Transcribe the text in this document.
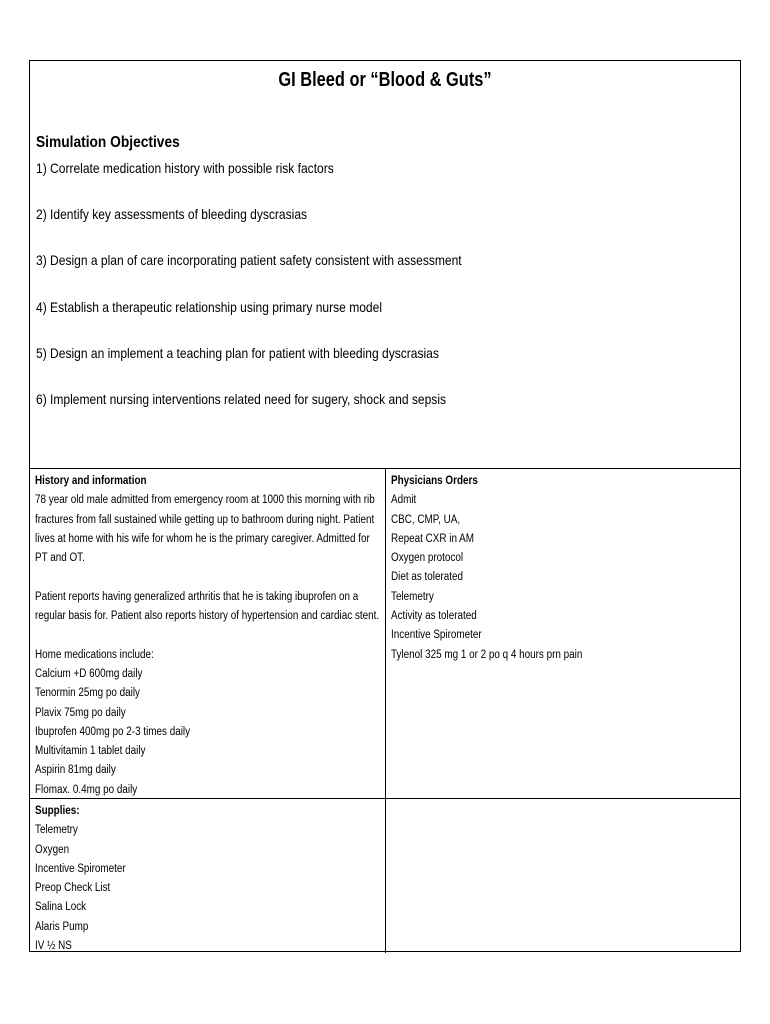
GI Bleed or “Blood & Guts”
Simulation Objectives
1) Correlate medication history with possible risk factors
2) Identify key assessments of bleeding dyscrasias
3) Design a plan of care incorporating patient safety consistent with assessment
4) Establish a therapeutic relationship using primary nurse model
5) Design an implement a teaching plan for patient with bleeding dyscrasias
6) Implement nursing interventions related need for sugery, shock and sepsis
History and information
78 year old male admitted from emergency room at 1000 this morning with rib
fractures from fall sustained while getting up to bathroom during night. Patient
lives at home with his wife for whom he is the primary caregiver. Admitted for
PT and OT.
Patient reports having generalized arthritis that he is taking ibuprofen on a
regular basis for. Patient also reports history of hypertension and cardiac stent.
Home medications include:
Calcium +D 600mg daily
Tenormin 25mg po daily
Plavix 75mg po daily
Ibuprofen 400mg po 2-3 times daily
Multivitamin 1 tablet daily
Aspirin 81mg daily
Flomax. 0.4mg po daily
Physicians Orders
Admit
CBC, CMP, UA,
Repeat CXR in AM
Oxygen protocol
Diet as tolerated
Telemetry
Activity as tolerated
Incentive Spirometer
Tylenol 325 mg 1 or 2 po q 4 hours prn pain
Supplies:
Telemetry
Oxygen
Incentive Spirometer
Preop Check List
Salina Lock
Alaris Pump
IV ½ NS
